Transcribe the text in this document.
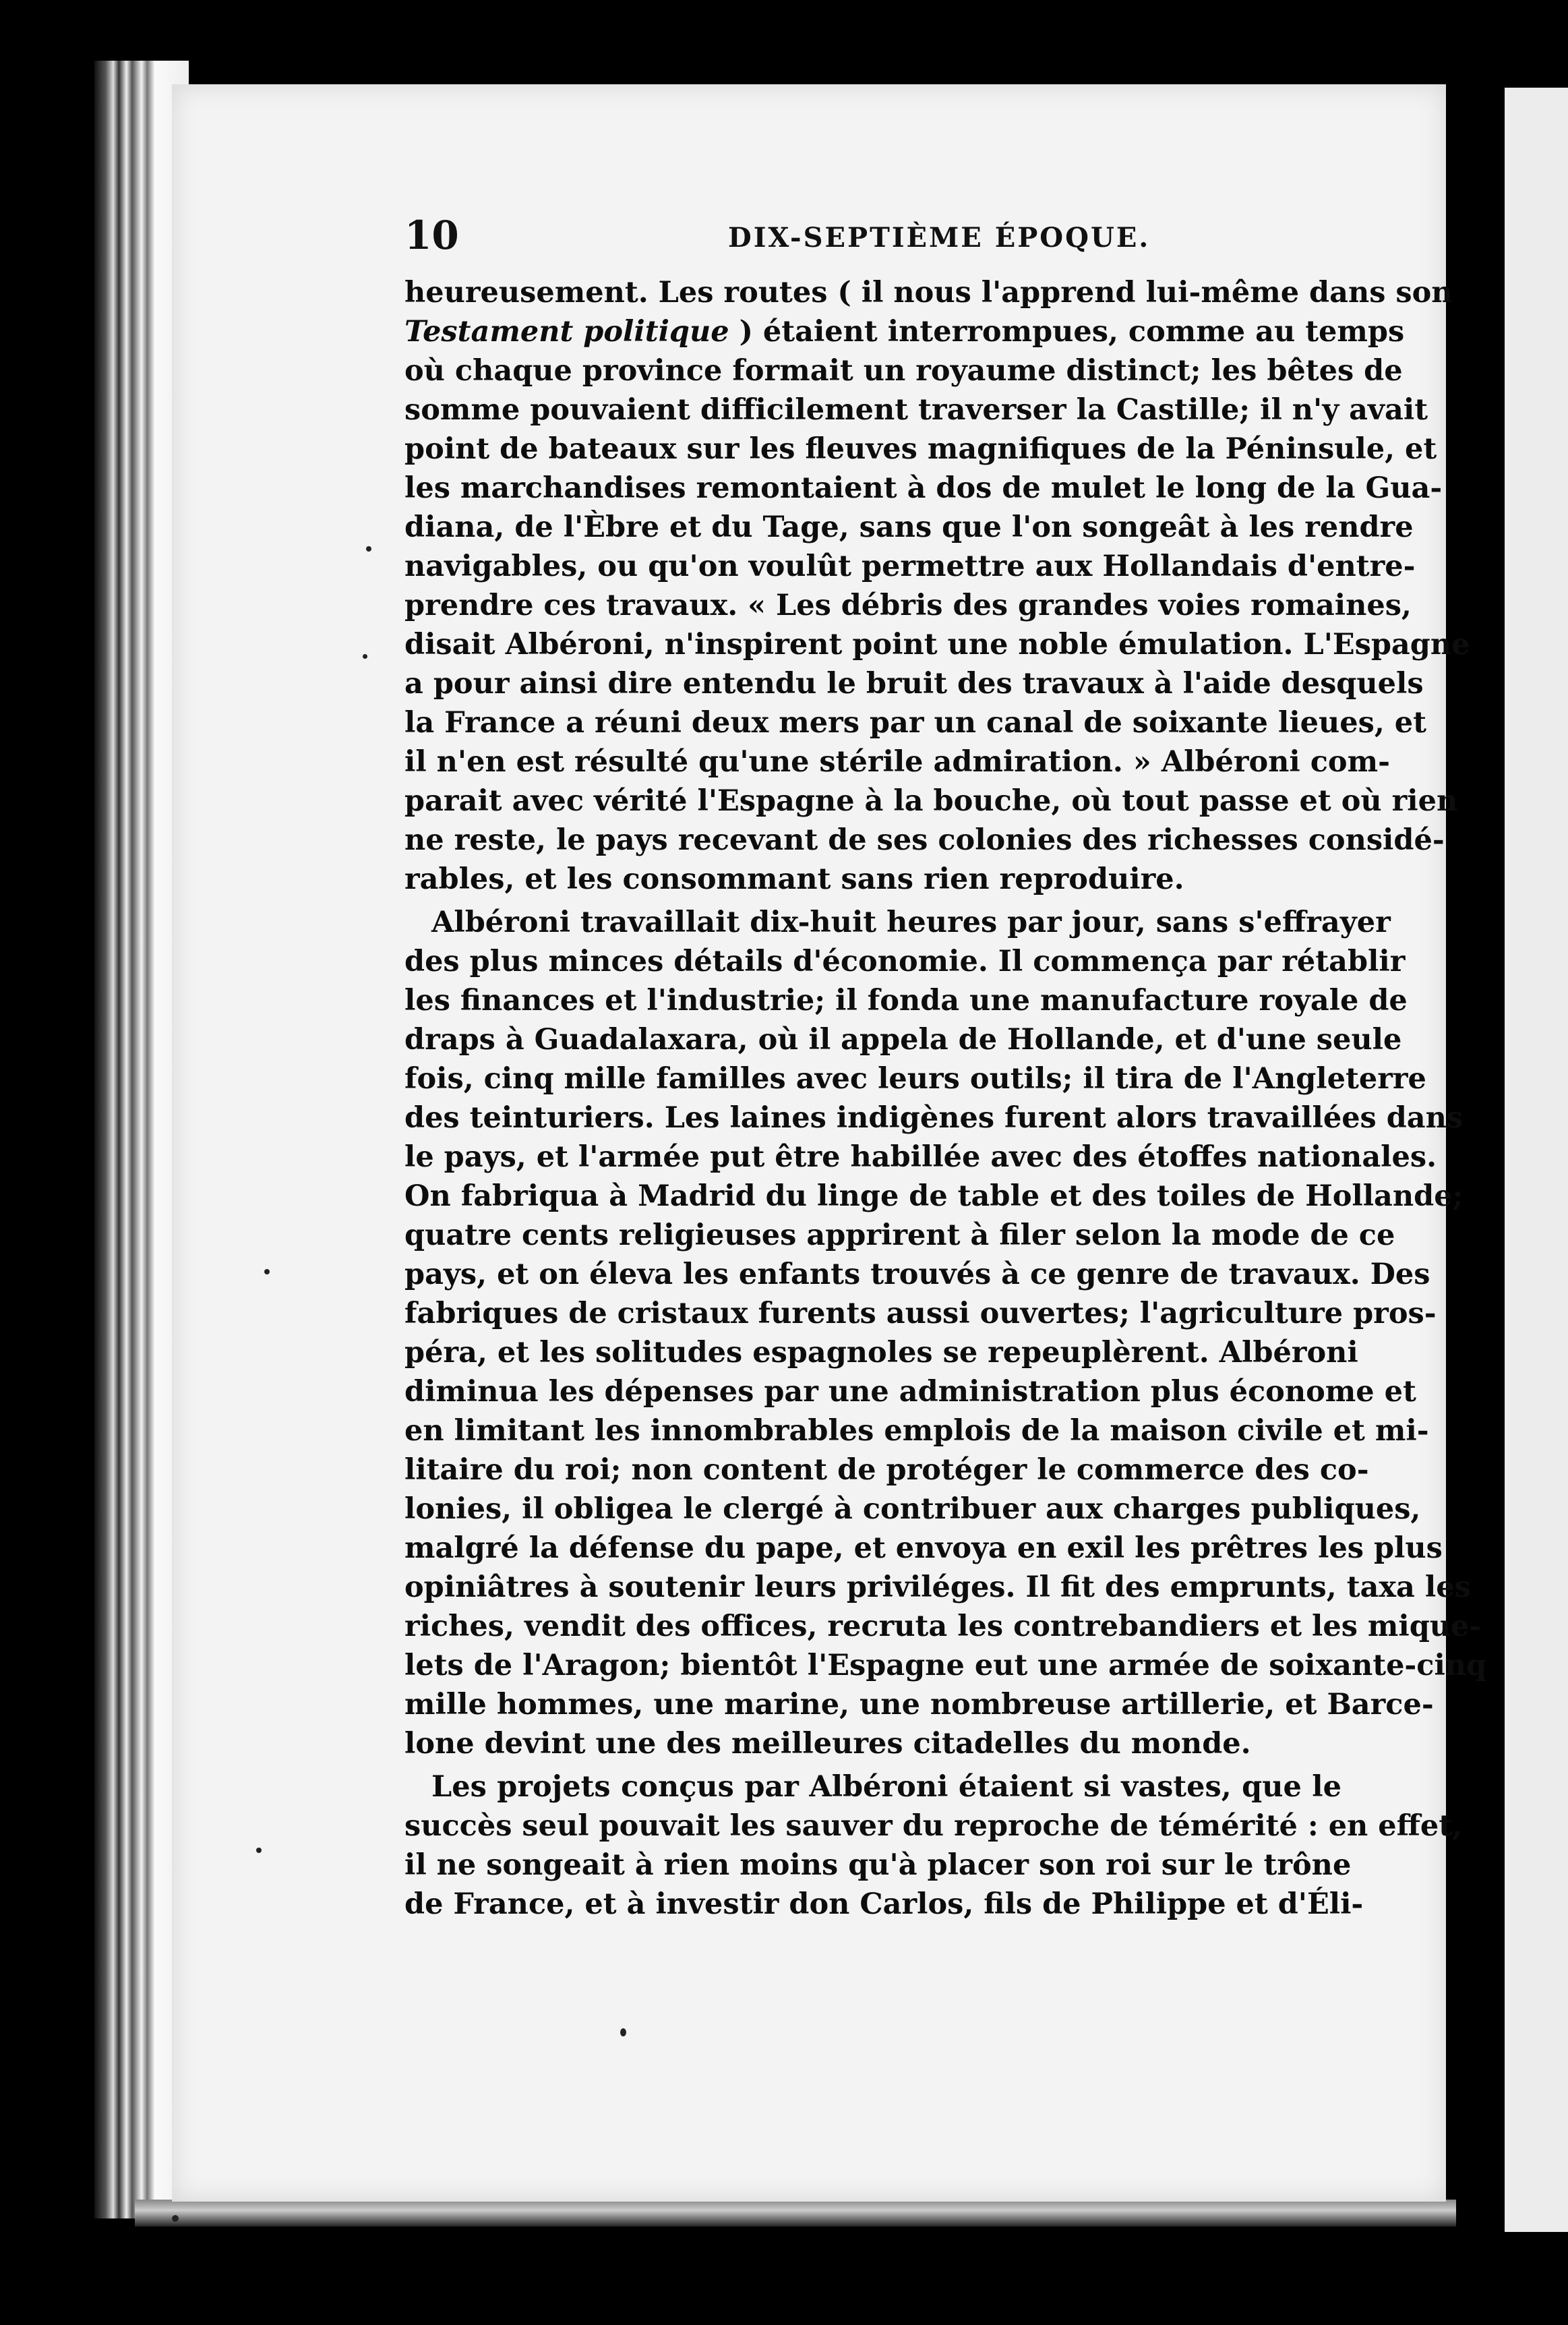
10	DIX-SEPTIÈME ÉPOQUE.
heureusement. Les routes ( il nous l'apprend lui-même dans son
Testament politique ) étaient interrompues, comme au temps
où chaque province formait un royaume distinct; les bêtes de
somme pouvaient difficilement traverser la Castille; il n'y avait
point de bateaux sur les fleuves magnifiques de la Péninsule, et
les marchandises remontaient à dos de mulet le long de la Gua-
diana, de l'Èbre et du Tage, sans que l'on songeât à les rendre
navigables, ou qu'on voulût permettre aux Hollandais d'entre-
prendre ces travaux. « Les débris des grandes voies romaines,
disait Albéroni, n'inspirent point une noble émulation. L'Espagne
a pour ainsi dire entendu le bruit des travaux à l'aide desquels
la France a réuni deux mers par un canal de soixante lieues, et
il n'en est résulté qu'une stérile admiration. » Albéroni com-
parait avec vérité l'Espagne à la bouche, où tout passe et où rien
ne reste, le pays recevant de ses colonies des richesses considé-
rables, et les consommant sans rien reproduire.
Albéroni travaillait dix-huit heures par jour, sans s'effrayer
des plus minces détails d'économie. Il commença par rétablir
les finances et l'industrie; il fonda une manufacture royale de
draps à Guadalaxara, où il appela de Hollande, et d'une seule
fois, cinq mille familles avec leurs outils; il tira de l'Angleterre
des teinturiers. Les laines indigènes furent alors travaillées dans
le pays, et l'armée put être habillée avec des étoffes nationales.
On fabriqua à Madrid du linge de table et des toiles de Hollande;
quatre cents religieuses apprirent à filer selon la mode de ce
pays, et on éleva les enfants trouvés à ce genre de travaux. Des
fabriques de cristaux furents aussi ouvertes; l'agriculture pros-
péra, et les solitudes espagnoles se repeuplèrent. Albéroni
diminua les dépenses par une administration plus économe et
en limitant les innombrables emplois de la maison civile et mi-
litaire du roi; non content de protéger le commerce des co-
lonies, il obligea le clergé à contribuer aux charges publiques,
malgré la défense du pape, et envoya en exil les prêtres les plus
opiniâtres à soutenir leurs priviléges. Il fit des emprunts, taxa les
riches, vendit des offices, recruta les contrebandiers et les mique-
lets de l'Aragon; bientôt l'Espagne eut une armée de soixante-cinq
mille hommes, une marine, une nombreuse artillerie, et Barce-
lone devint une des meilleures citadelles du monde.
Les projets conçus par Albéroni étaient si vastes, que le
succès seul pouvait les sauver du reproche de témérité : en effet,
il ne songeait à rien moins qu'à placer son roi sur le trône
de France, et à investir don Carlos, fils de Philippe et d'Éli-
